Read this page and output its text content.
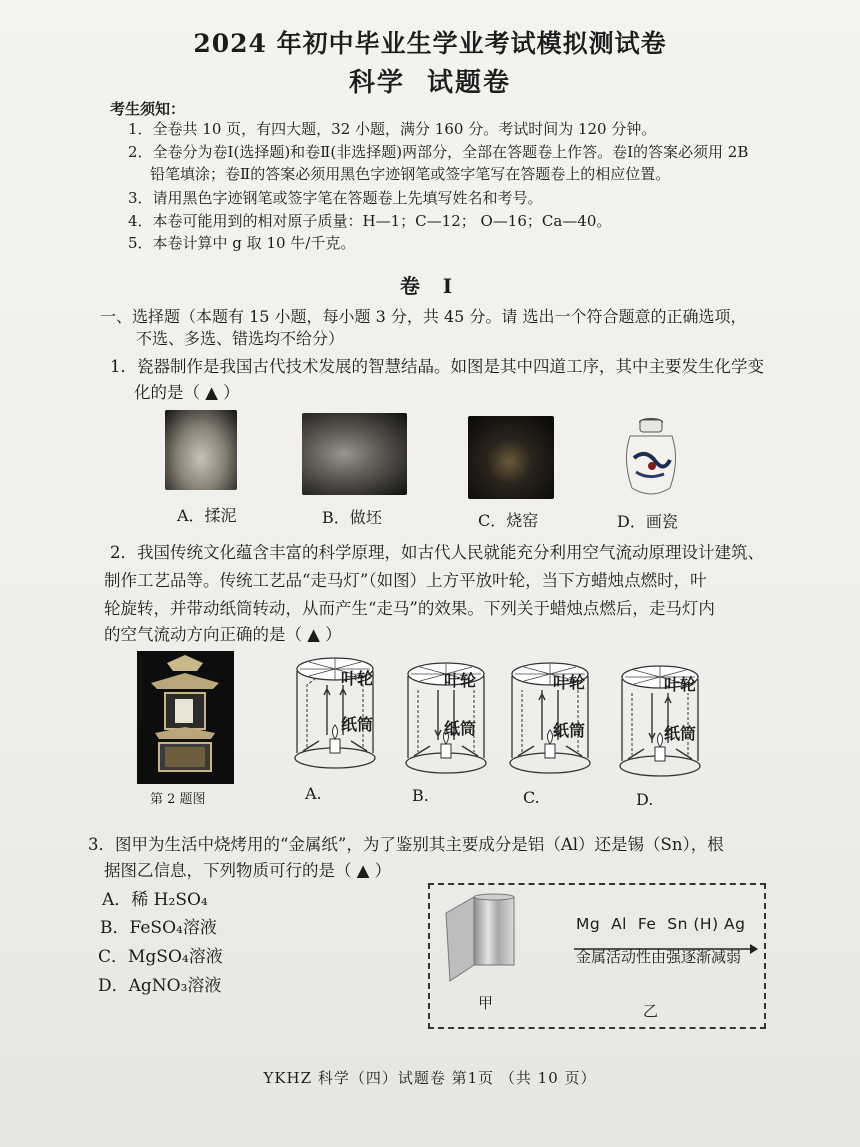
2024 年初中毕业生学业考试模拟测试卷
科学 试题卷
考生须知：
1．全卷共 10 页，有四大题，32 小题，满分 160 分。考试时间为 120 分钟。
2．全卷分为卷Ⅰ(选择题)和卷Ⅱ(非选择题)两部分，全部在答题卷上作答。卷Ⅰ的答案必须用 2B
铅笔填涂；卷Ⅱ的答案必须用黑色字迹钢笔或签字笔写在答题卷上的相应位置。
3．请用黑色字迹钢笔或签字笔在答题卷上先填写姓名和考号。
4．本卷可能用到的相对原子质量：H—1；C—12； O—16；Ca—40。
5．本卷计算中 g 取 10 牛/千克。
卷 Ⅰ
一、选择题（本题有 15 小题，每小题 3 分，共 45 分。请 选出一个符合题意的正确选项，
不选、多选、错选均不给分）
1．瓷器制作是我国古代技术发展的智慧结晶。如图是其中四道工序，其中主要发生化学变
化的是（ ▲ ）
A．揉泥	B．做坯	C．烧窑	D．画瓷
2．我国传统文化蕴含丰富的科学原理，如古代人民就能充分利用空气流动原理设计建筑、
制作工艺品等。传统工艺品“走马灯”（如图）上方平放叶轮，当下方蜡烛点燃时，叶
轮旋转，并带动纸筒转动，从而产生“走马”的效果。下列关于蜡烛点燃后，走马灯内
的空气流动方向正确的是（ ▲ ）
第 2 题图
叶轮
纸筒
叶轮
纸筒
叶轮
纸筒
叶轮
纸筒
A.	B.	C.	D.
3．图甲为生活中烧烤用的“金属纸”，为了鉴别其主要成分是铝（Al）还是锡（Sn），根
据图乙信息，下列物质可行的是（ ▲ ）
A．稀 H₂SO₄
B．FeSO₄溶液
C．MgSO₄溶液
D．AgNO₃溶液
Mg  Al  Fe  Sn (H) Ag
金属活动性由强逐渐减弱
甲	乙
YKHZ 科学（四）试题卷 第1页 （共 10 页）
